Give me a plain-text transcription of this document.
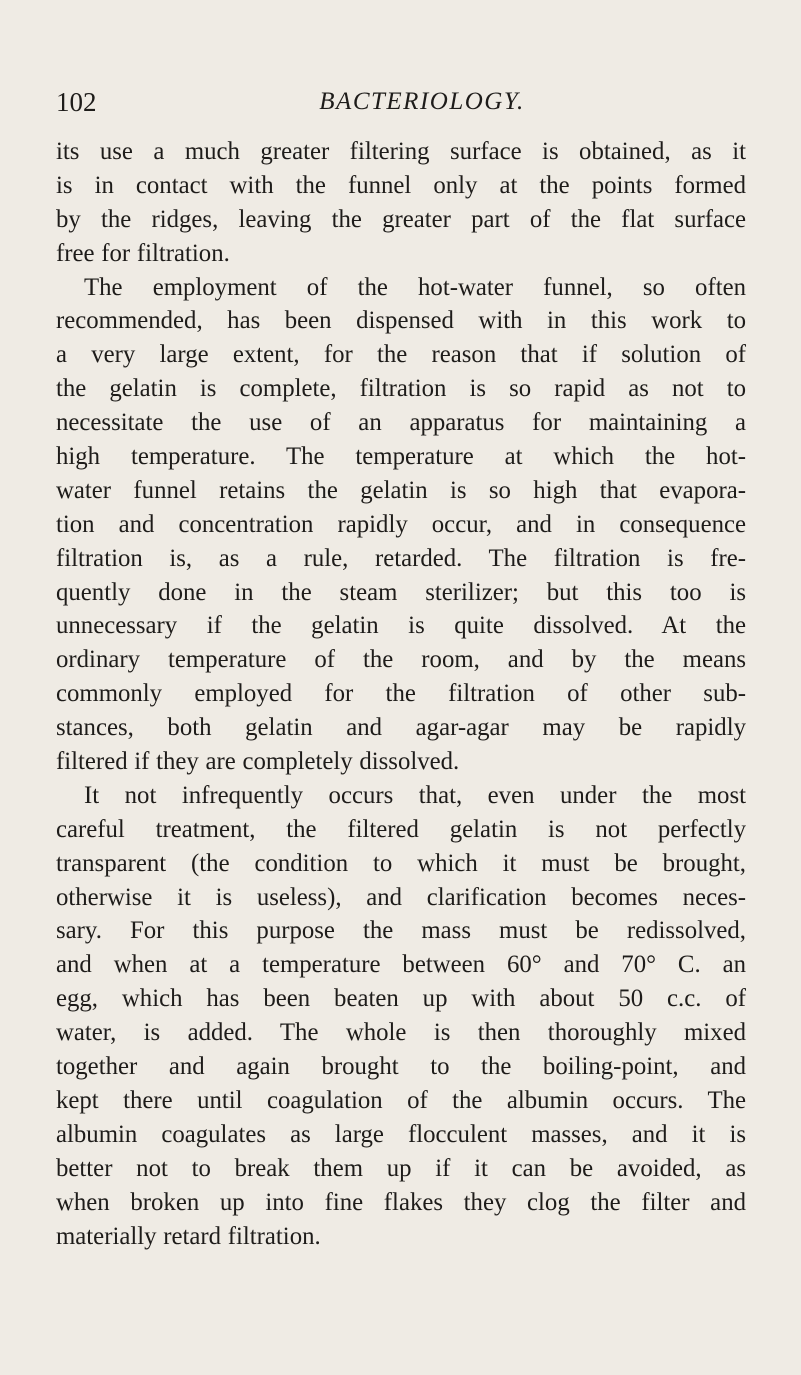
102	BACTERIOLOGY.
its use a much greater filtering surface is obtained, as it
is in contact with the funnel only at the points formed
by the ridges, leaving the greater part of the flat surface
free for filtration.
The employment of the hot-water funnel, so often
recommended, has been dispensed with in this work to
a very large extent, for the reason that if solution of
the gelatin is complete, filtration is so rapid as not to
necessitate the use of an apparatus for maintaining a
high temperature. The temperature at which the hot-
water funnel retains the gelatin is so high that evapora-
tion and concentration rapidly occur, and in consequence
filtration is, as a rule, retarded. The filtration is fre-
quently done in the steam sterilizer; but this too is
unnecessary if the gelatin is quite dissolved. At the
ordinary temperature of the room, and by the means
commonly employed for the filtration of other sub-
stances, both gelatin and agar-agar may be rapidly
filtered if they are completely dissolved.
It not infrequently occurs that, even under the most
careful treatment, the filtered gelatin is not perfectly
transparent (the condition to which it must be brought,
otherwise it is useless), and clarification becomes neces-
sary. For this purpose the mass must be redissolved,
and when at a temperature between 60° and 70° C. an
egg, which has been beaten up with about 50 c.c. of
water, is added. The whole is then thoroughly mixed
together and again brought to the boiling-point, and
kept there until coagulation of the albumin occurs. The
albumin coagulates as large flocculent masses, and it is
better not to break them up if it can be avoided, as
when broken up into fine flakes they clog the filter and
materially retard filtration.
